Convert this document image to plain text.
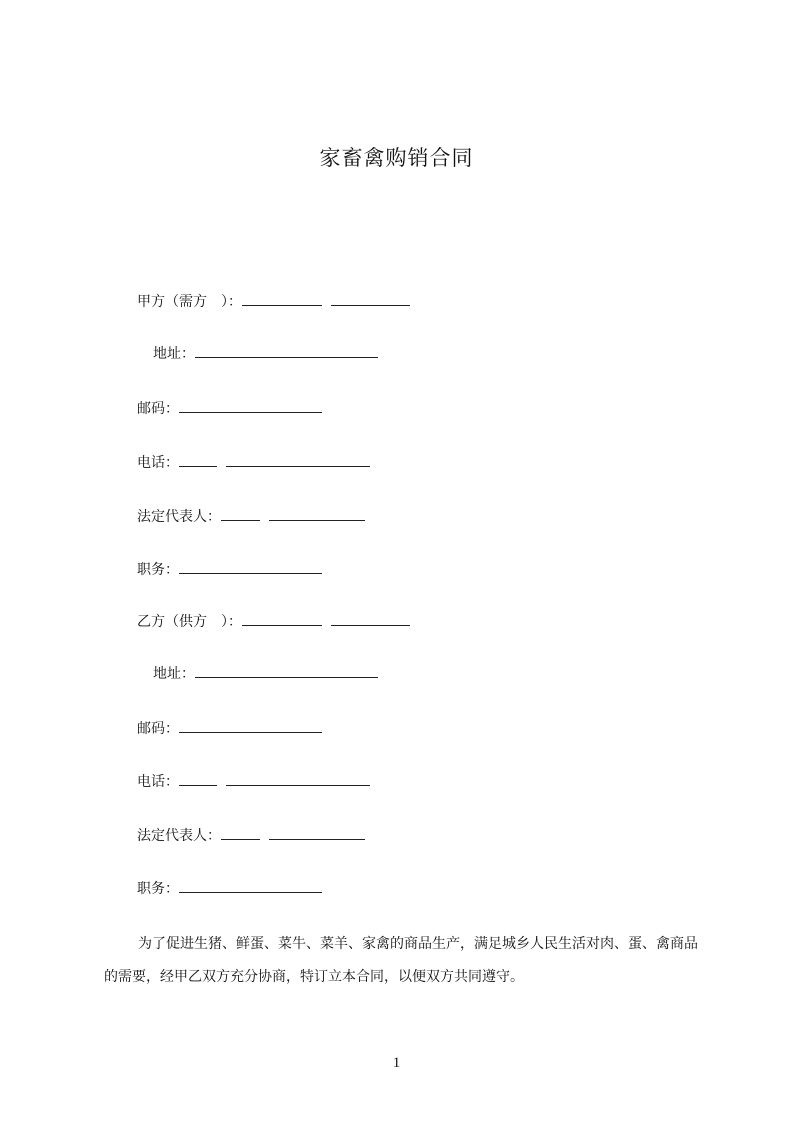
家畜禽购销合同
甲方（需方　）：
地址：
邮码：
电话：
法定代表人：
职务：
乙方（供方　）：
地址：
邮码：
电话：
法定代表人：
职务：
为了促进生猪、鲜蛋、菜牛、菜羊、家禽的商品生产，满足城乡人民生活对肉、蛋、禽商品的需要，经甲乙双方充分协商，特订立本合同，以便双方共同遵守。
1
